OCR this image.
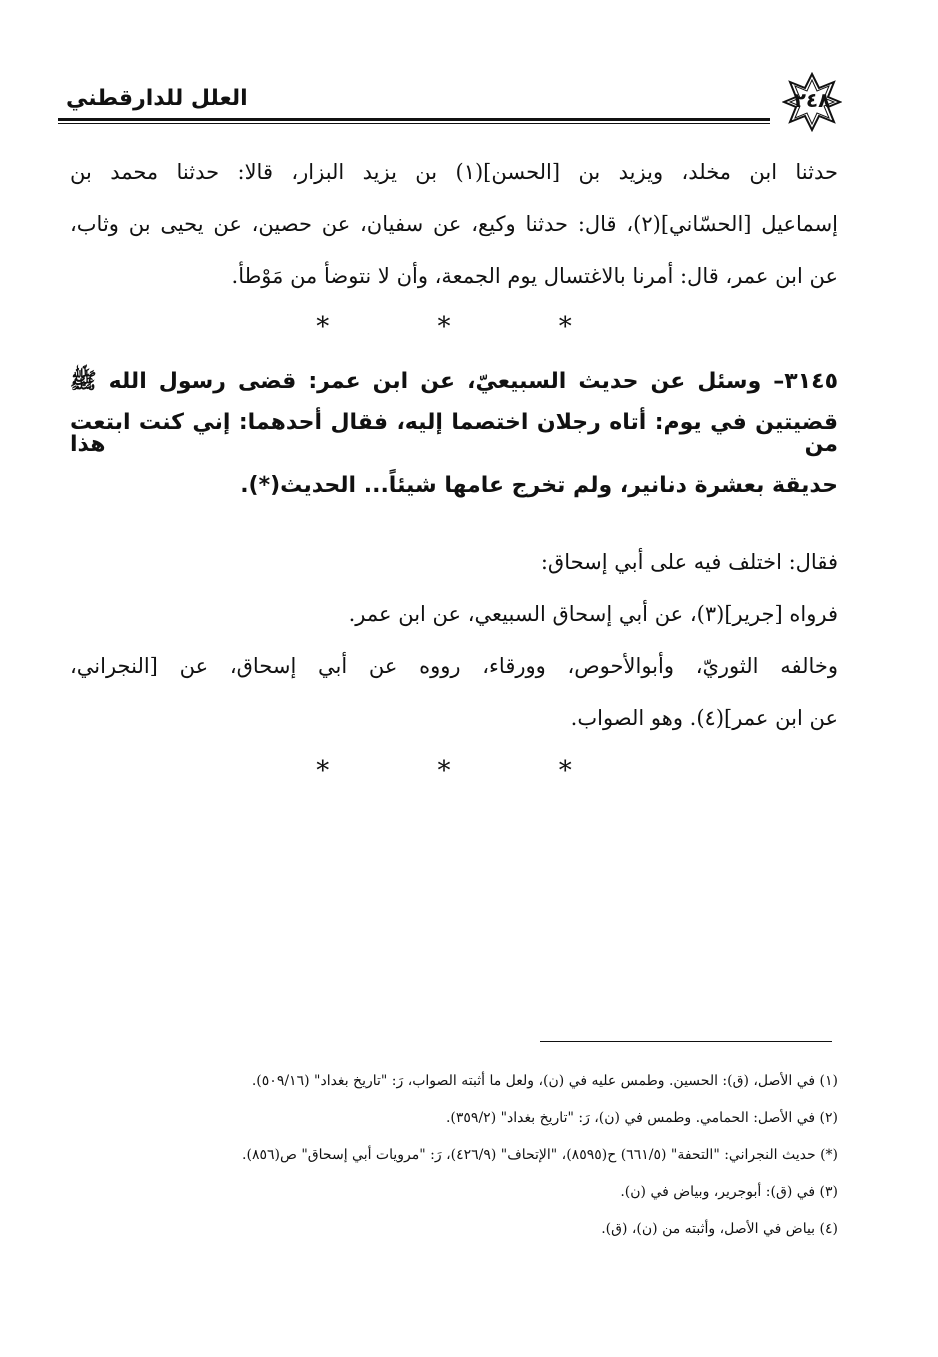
العلل للدارقطني	٢٤٨
حدثنا ابن مخلد، ويزيد بن [الحسن](١) بن يزيد البزار، قالا: حدثنا محمد بن
إسماعيل [الحسّاني](٢)، قال: حدثنا وكيع، عن سفيان، عن حصين، عن يحيى بن وثاب،
عن ابن عمر، قال: أمرنا بالاغتسال يوم الجمعة، وأن لا نتوضأ من مَوْطأ.
* * *
٣١٤٥– وسئل عن حديث السبيعيّ، عن ابن عمر: قضى رسول الله ﷺ
قضيتين في يوم: أتاه رجلان اختصما إليه، فقال أحدهما: إني كنت ابتعت من هذا
حديقة بعشرة دنانير، ولم تخرج عامها شيئاً... الحديث(*).
فقال: اختلف فيه على أبي إسحاق:
فرواه [جرير](٣)، عن أبي إسحاق السبيعي، عن ابن عمر.
وخالفه الثوريّ، وأبوالأحوص، وورقاء، رووه عن أبي إسحاق، عن [النجراني،
عن ابن عمر](٤). وهو الصواب.
* * *
(١) في الأصل، (ق): الحسين. وطمس عليه في (ن)، ولعل ما أثبته الصواب، رَ: "تاريخ بغداد" (٥٠٩/١٦).
(٢) في الأصل: الحمامي. وطمس في (ن)، رَ: "تاريخ بغداد" (٣٥٩/٢).
(*) حديث النجراني: "التحفة" (٦٦١/٥) ح(٨٥٩٥)، "الإتحاف" (٤٢٦/٩)، رَ: "مرويات أبي إسحاق" ص(٨٥٦).
(٣) في (ق): أبوجرير، وبياض في (ن).
(٤) بياض في الأصل، وأثبته من (ن)، (ق).
